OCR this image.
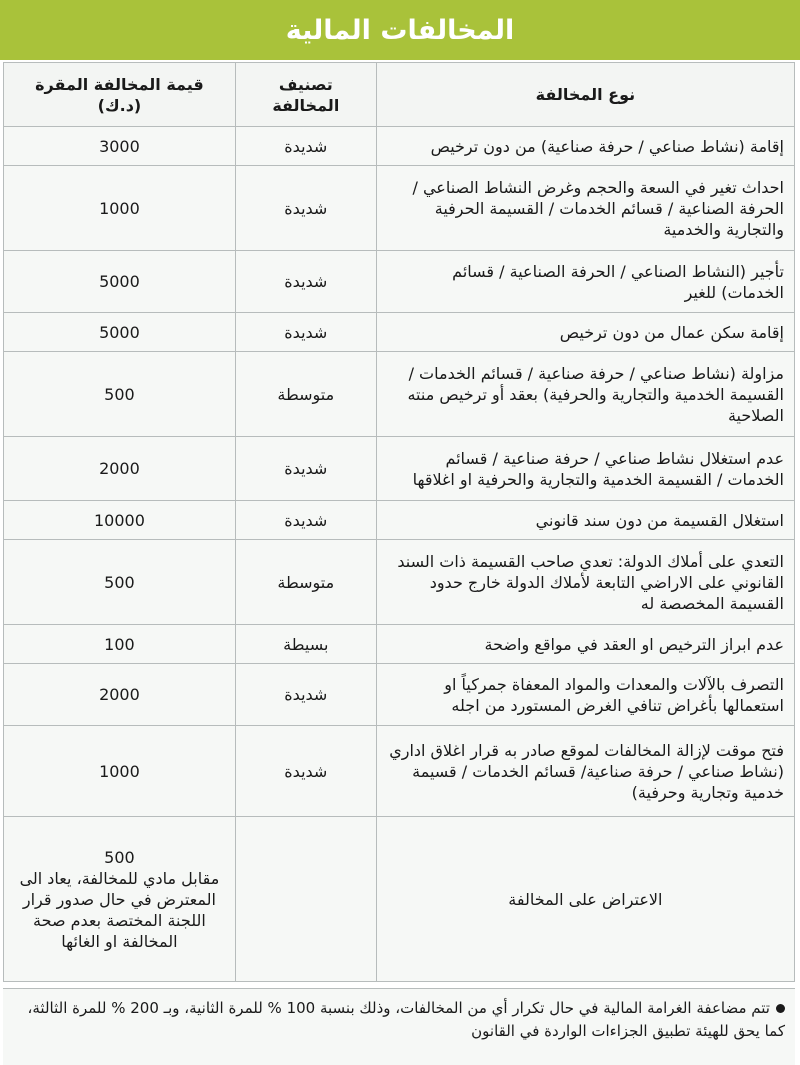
المخالفات المالية
نوع المخالفة	تصنيف المخالفة	قيمة المخالفة المقرة (د.ك)
إقامة (نشاط صناعي / حرفة صناعية) من دون ترخيص	شديدة	3000
احداث تغير في السعة والحجم وغرض النشاط الصناعي / الحرفة الصناعية / قسائم الخدمات / القسيمة الحرفية والتجارية والخدمية	شديدة	1000
تأجير (النشاط الصناعي / الحرفة الصناعية / قسائم الخدمات) للغير	شديدة	5000
إقامة سكن عمال من دون ترخيص	شديدة	5000
مزاولة (نشاط صناعي / حرفة صناعية / قسائم الخدمات / القسيمة الخدمية والتجارية والحرفية) بعقد أو ترخيص منته الصلاحية	متوسطة	500
عدم استغلال نشاط صناعي / حرفة صناعية / قسائم الخدمات / القسيمة الخدمية والتجارية والحرفية او اغلاقها	شديدة	2000
استغلال القسيمة من دون سند قانوني	شديدة	10000
التعدي على أملاك الدولة: تعدي صاحب القسيمة ذات السند القانوني على الاراضي التابعة لأملاك الدولة خارج حدود القسيمة المخصصة له	متوسطة	500
عدم ابراز الترخيص او العقد في مواقع واضحة	بسيطة	100
التصرف بالآلات والمعدات والمواد المعفاة جمركياً او استعمالها بأغراض تنافي الغرض المستورد من اجله	شديدة	2000
فتح موقت لإزالة المخالفات لموقع صادر به قرار اغلاق اداري (نشاط صناعي / حرفة صناعية/ قسائم الخدمات / قسيمة خدمية وتجارية وحرفية)	شديدة	1000
الاعتراض على المخالفة		500
مقابل مادي للمخالفة، يعاد الى المعترض في حال صدور قرار اللجنة المختصة بعدم صحة المخالفة او الغائها
تتم مضاعفة الغرامة المالية في حال تكرار أي من المخالفات، وذلك بنسبة 100 % للمرة الثانية، وبـ 200 % للمرة الثالثة، كما يحق للهيئة تطبيق الجزاءات الواردة في القانون
